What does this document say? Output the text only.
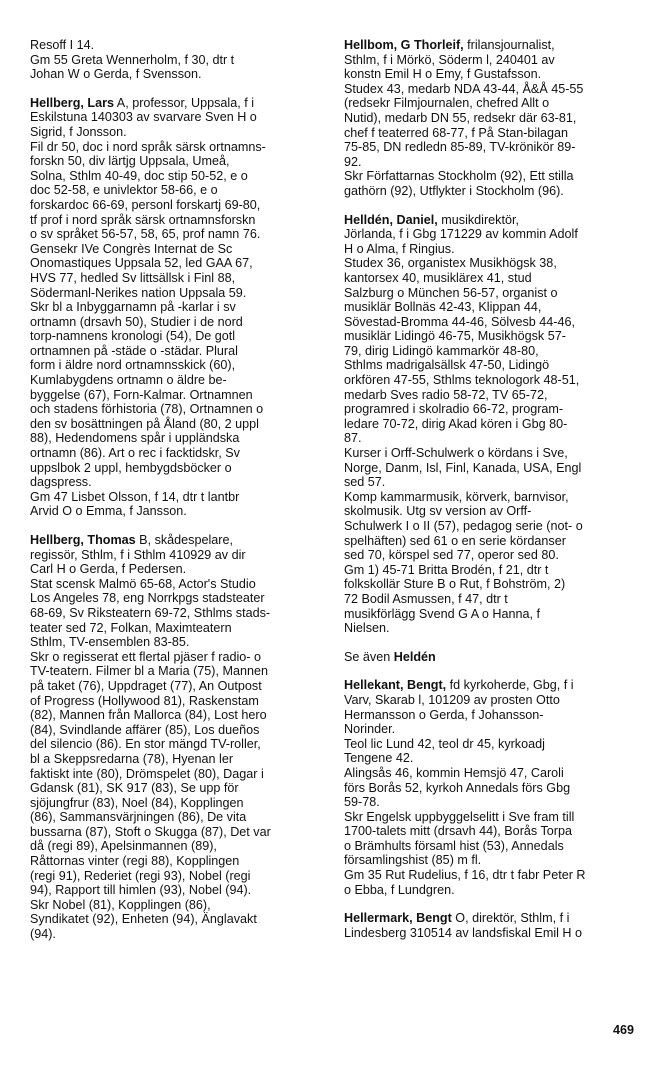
Resoff I 14.
Gm 55 Greta Wennerholm, f 30, dtr t
Johan W o Gerda, f Svensson.
Hellberg, Lars A, professor, Uppsala, f i
Eskilstuna 140303 av svarvare Sven H o
Sigrid, f Jonsson.
Fil dr 50, doc i nord språk särsk ortnamns-
forskn 50, div lärtjg Uppsala, Umeå,
Solna, Sthlm 40-49, doc stip 50-52, e o
doc 52-58, e univlektor 58-66, e o
forskardoc 66-69, personl forskartj 69-80,
tf prof i nord språk särsk ortnamnsforskn
o sv språket 56-57, 58, 65, prof namn 76.
Gensekr IVe Congrès Internat de Sc
Onomastiques Uppsala 52, led GAA 67,
HVS 77, hedled Sv littsällsk i Finl 88,
Södermanl-Nerikes nation Uppsala 59.
Skr bl a Inbyggarnamn på -karlar i sv
ortnamn (drsavh 50), Studier i de nord
torp-namnens kronologi (54), De gotl
ortnamnen på -städe o -städar. Plural
form i äldre nord ortnamnsskick (60),
Kumlabygdens ortnamn o äldre be-
byggelse (67), Forn-Kalmar. Ortnamnen
och stadens förhistoria (78), Ortnamnen o
den sv bosättningen på Åland (80, 2 uppl
88), Hedendomens spår i uppländska
ortnamn (86). Art o rec i facktidskr, Sv
uppslbok 2 uppl, hembygdsböcker o
dagspress.
Gm 47 Lisbet Olsson, f 14, dtr t lantbr
Arvid O o Emma, f Jansson.
Hellberg, Thomas B, skådespelare,
regissör, Sthlm, f i Sthlm 410929 av dir
Carl H o Gerda, f Pedersen.
Stat scensk Malmö 65-68, Actor's Studio
Los Angeles 78, eng Norrkpgs stadsteater
68-69, Sv Riksteatern 69-72, Sthlms stads-
teater sed 72, Folkan, Maximteatern
Sthlm, TV-ensemblen 83-85.
Skr o regisserat ett flertal pjäser f radio- o
TV-teatern. Filmer bl a Maria (75), Mannen
på taket (76), Uppdraget (77), An Outpost
of Progress (Hollywood 81), Raskenstam
(82), Mannen från Mallorca (84), Lost hero
(84), Svindlande affärer (85), Los dueños
del silencio (86). En stor mängd TV-roller,
bl a Skeppsredarna (78), Hyenan ler
faktiskt inte (80), Drömspelet (80), Dagar i
Gdansk (81), SK 917 (83), Se upp för
sjöjungfrur (83), Noel (84), Kopplingen
(86), Sammansvärjningen (86), De vita
bussarna (87), Stoft o Skugga (87), Det var
då (regi 89), Apelsinmannen (89),
Råttornas vinter (regi 88), Kopplingen
(regi 91), Rederiet (regi 93), Nobel (regi
94), Rapport till himlen (93), Nobel (94).
Skr Nobel (81), Kopplingen (86),
Syndikatet (92), Enheten (94), Änglavakt
(94).
Hellbom, G Thorleif, frilansjournalist,
Sthlm, f i Mörkö, Söderm l, 240401 av
konstn Emil H o Emy, f Gustafsson.
Studex 43, medarb NDA 43-44, Å&Å 45-55
(redsekr Filmjournalen, chefred Allt o
Nutid), medarb DN 55, redsekr där 63-81,
chef f teaterred 68-77, f På Stan-bilagan
75-85, DN redledn 85-89, TV-krönikör 89-
92.
Skr Författarnas Stockholm (92), Ett stilla
gathörn (92), Utflykter i Stockholm (96).
Helldén, Daniel, musikdirektör,
Jörlanda, f i Gbg 171229 av kommin Adolf
H o Alma, f Ringius.
Studex 36, organistex Musikhögsk 38,
kantorsex 40, musiklärex 41, stud
Salzburg o München 56-57, organist o
musiklär Bollnäs 42-43, Klippan 44,
Sövestad-Bromma 44-46, Sölvesb 44-46,
musiklär Lidingö 46-75, Musikhögsk 57-
79, dirig Lidingö kammarkör 48-80,
Sthlms madrigalsällsk 47-50, Lidingö
orkfören 47-55, Sthlms teknologork 48-51,
medarb Sves radio 58-72, TV 65-72,
programred i skolradio 66-72, program-
ledare 70-72, dirig Akad kören i Gbg 80-
87.
Kurser i Orff-Schulwerk o kördans i Sve,
Norge, Danm, Isl, Finl, Kanada, USA, Engl
sed 57.
Komp kammarmusik, körverk, barnvisor,
skolmusik. Utg sv version av Orff-
Schulwerk I o II (57), pedagog serie (not- o
spelhäften) sed 61 o en serie kördanser
sed 70, körspel sed 77, operor sed 80.
Gm 1) 45-71 Britta Brodén, f 21, dtr t
folkskollär Sture B o Rut, f Bohström, 2)
72 Bodil Asmussen, f 47, dtr t
musikförlägg Svend G A o Hanna, f
Nielsen.
Se även Heldén
Hellekant, Bengt, fd kyrkoherde, Gbg, f i
Varv, Skarab l, 101209 av prosten Otto
Hermansson o Gerda, f Johansson-
Norinder.
Teol lic Lund 42, teol dr 45, kyrkoadj
Tengene 42.
Alingsås 46, kommin Hemsjö 47, Caroli
förs Borås 52, kyrkoh Annedals förs Gbg
59-78.
Skr Engelsk uppbyggelselitt i Sve fram till
1700-talets mitt (drsavh 44), Borås Torpa
o Brämhults församl hist (53), Annedals
församlingshist (85) m fl.
Gm 35 Rut Rudelius, f 16, dtr t fabr Peter R
o Ebba, f Lundgren.
Hellermark, Bengt O, direktör, Sthlm, f i
Lindesberg 310514 av landsfiskal Emil H o
469
